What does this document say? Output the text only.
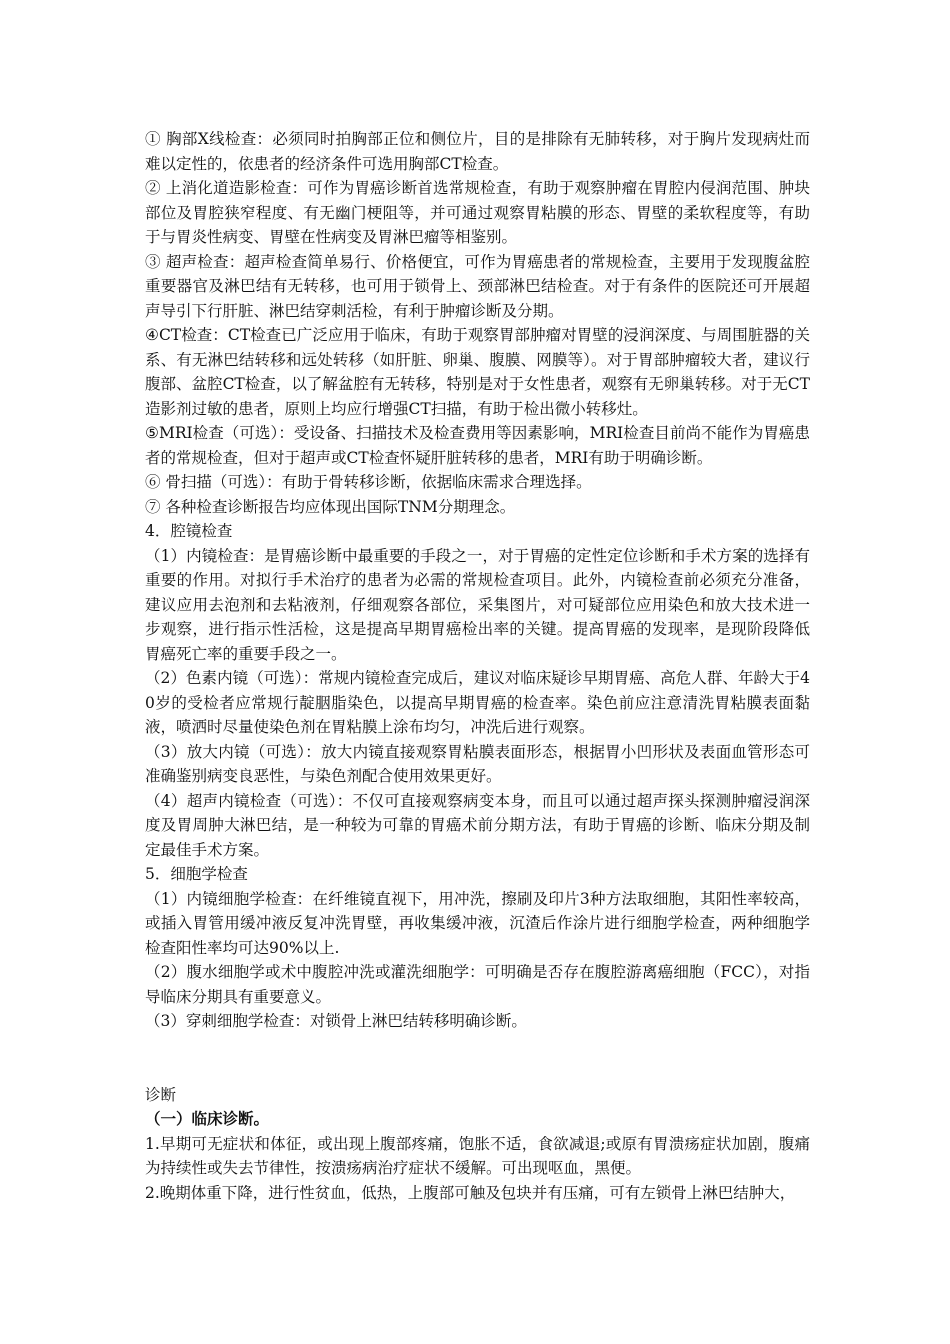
① 胸部X线检查：必须同时拍胸部正位和侧位片，目的是排除有无肺转移，对于胸片发现病灶而难以定性的，依患者的经济条件可选用胸部CT检查。

② 上消化道造影检查：可作为胃癌诊断首选常规检查，有助于观察肿瘤在胃腔内侵润范围、肿块部位及胃腔狭窄程度、有无幽门梗阻等，并可通过观察胃粘膜的形态、胃壁的柔软程度等，有助于与胃炎性病变、胃壁在性病变及胃淋巴瘤等相鉴别。

③ 超声检查：超声检查简单易行、价格便宜，可作为胃癌患者的常规检查，主要用于发现腹盆腔重要器官及淋巴结有无转移，也可用于锁骨上、颈部淋巴结检查。对于有条件的医院还可开展超声导引下行肝脏、淋巴结穿刺活检，有利于肿瘤诊断及分期。

④CT检查：CT检查已广泛应用于临床，有助于观察胃部肿瘤对胃壁的浸润深度、与周围脏器的关系、有无淋巴结转移和远处转移（如肝脏、卵巢、腹膜、网膜等）。对于胃部肿瘤较大者，建议行腹部、盆腔CT检查，以了解盆腔有无转移，特别是对于女性患者，观察有无卵巢转移。对于无CT造影剂过敏的患者，原则上均应行增强CT扫描，有助于检出微小转移灶。

⑤MRI检查（可选）：受设备、扫描技术及检查费用等因素影响，MRI检查目前尚不能作为胃癌患者的常规检查，但对于超声或CT检查怀疑肝脏转移的患者，MRI有助于明确诊断。

⑥ 骨扫描（可选）：有助于骨转移诊断，依据临床需求合理选择。

⑦ 各种检查诊断报告均应体现出国际TNM分期理念。

4．腔镜检查

（1）内镜检查：是胃癌诊断中最重要的手段之一，对于胃癌的定性定位诊断和手术方案的选择有重要的作用。对拟行手术治疗的患者为必需的常规检查项目。此外，内镜检查前必须充分准备，建议应用去泡剂和去粘液剂，仔细观察各部位，采集图片，对可疑部位应用染色和放大技术进一步观察，进行指示性活检，这是提高早期胃癌检出率的关键。提高胃癌的发现率，是现阶段降低胃癌死亡率的重要手段之一。

（2）色素内镜（可选）：常规内镜检查完成后，建议对临床疑诊早期胃癌、高危人群、年龄大于40岁的受检者应常规行靛胭脂染色，以提高早期胃癌的检查率。染色前应注意清洗胃粘膜表面黏液，喷洒时尽量使染色剂在胃粘膜上涂布均匀，冲洗后进行观察。

（3）放大内镜（可选）：放大内镜直接观察胃粘膜表面形态，根据胃小凹形状及表面血管形态可准确鉴别病变良恶性，与染色剂配合使用效果更好。

（4）超声内镜检查（可选）：不仅可直接观察病变本身，而且可以通过超声探头探测肿瘤浸润深度及胃周肿大淋巴结，是一种较为可靠的胃癌术前分期方法，有助于胃癌的诊断、临床分期及制定最佳手术方案。

5．细胞学检查

（1）内镜细胞学检查：在纤维镜直视下，用冲洗，擦刷及印片3种方法取细胞，其阳性率较高，或插入胃管用缓冲液反复冲洗胃壁，再收集缓冲液，沉渣后作涂片进行细胞学检查，两种细胞学检查阳性率均可达90%以上.

（2）腹水细胞学或术中腹腔冲洗或灌洗细胞学：可明确是否存在腹腔游离癌细胞（FCC），对指导临床分期具有重要意义。

（3）穿刺细胞学检查：对锁骨上淋巴结转移明确诊断。

诊断

（一）临床诊断。

1.早期可无症状和体征，或出现上腹部疼痛，饱胀不适，食欲减退;或原有胃溃疡症状加剧，腹痛为持续性或失去节律性，按溃疡病治疗症状不缓解。可出现呕血，黑便。

2.晚期体重下降，进行性贫血，低热，上腹部可触及包块并有压痛，可有左锁骨上淋巴结肿大，
